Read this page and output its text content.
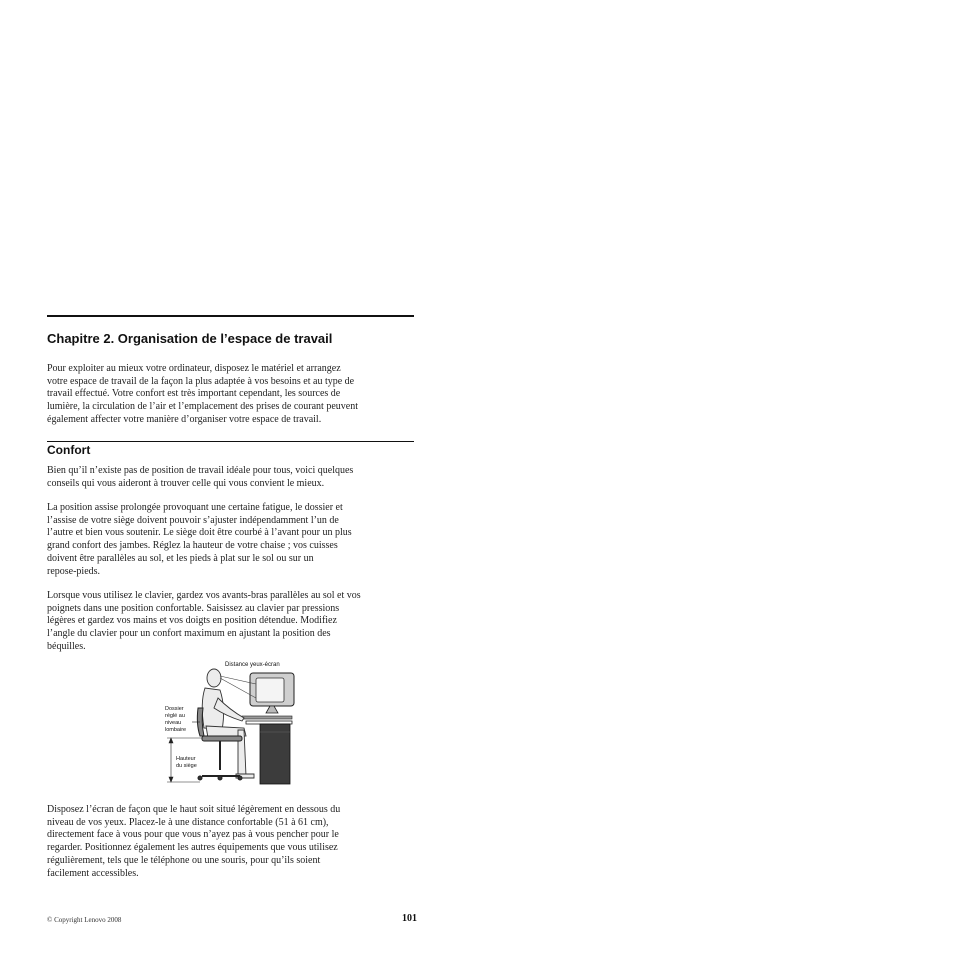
Chapitre 2. Organisation de l’espace de travail

Pour exploiter au mieux votre ordinateur, disposez le matériel et arrangez
votre espace de travail de la façon la plus adaptée à vos besoins et au type de
travail effectué. Votre confort est très important cependant, les sources de
lumière, la circulation de l’air et l’emplacement des prises de courant peuvent
également affecter votre manière d’organiser votre espace de travail.

Confort

Bien qu’il n’existe pas de position de travail idéale pour tous, voici quelques
conseils qui vous aideront à trouver celle qui vous convient le mieux.

La position assise prolongée provoquant une certaine fatigue, le dossier et
l’assise de votre siège doivent pouvoir s’ajuster indépendamment l’un de
l’autre et bien vous soutenir. Le siège doit être courbé à l’avant pour un plus
grand confort des jambes. Réglez la hauteur de votre chaise ; vos cuisses
doivent être parallèles au sol, et les pieds à plat sur le sol ou sur un
repose-pieds.

Lorsque vous utilisez le clavier, gardez vos avants-bras parallèles au sol et vos
poignets dans une position confortable. Saisissez au clavier par pressions
légères et gardez vos mains et vos doigts en position détendue. Modifiez
l’angle du clavier pour un confort maximum en ajustant la position des
béquilles.

Distance yeux-écran
Dossier
réglé au
niveau
lombaire
Hauteur
du siège

Disposez l’écran de façon que le haut soit situé légèrement en dessous du
niveau de vos yeux. Placez-le à une distance confortable (51 à 61 cm),
directement face à vous pour que vous n’ayez pas à vous pencher pour le
regarder. Positionnez également les autres équipements que vous utilisez
régulièrement, tels que le téléphone ou une souris, pour qu’ils soient
facilement accessibles.

© Copyright Lenovo 2008	101
